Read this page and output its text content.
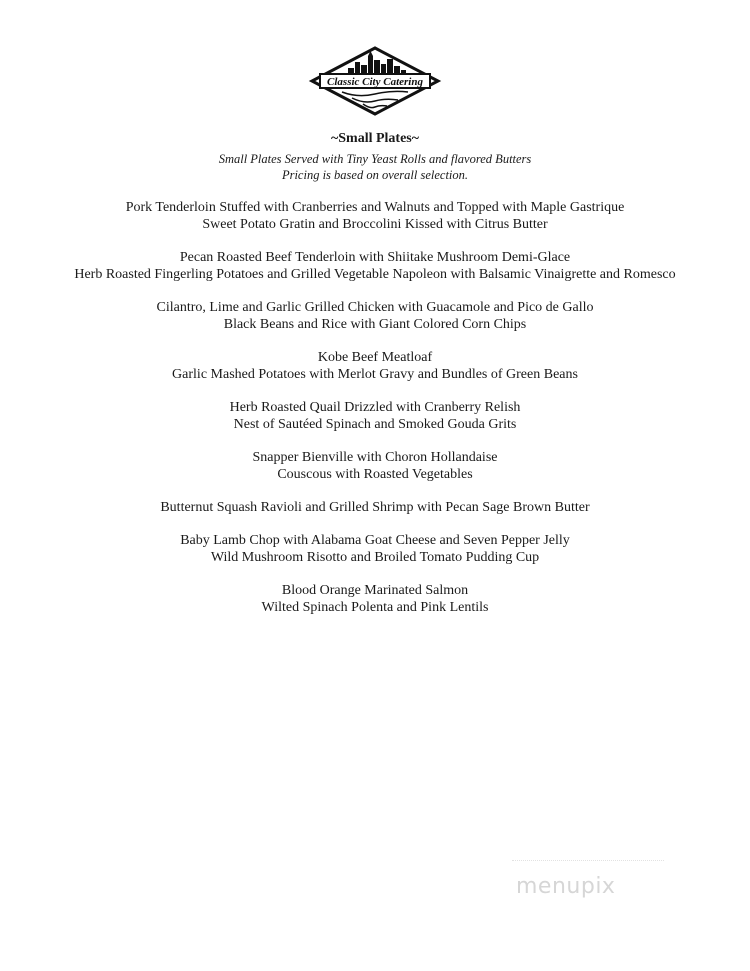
Classic City Catering
~Small Plates~
Small Plates Served with Tiny Yeast Rolls and flavored Butters
Pricing is based on overall selection.
Pork Tenderloin Stuffed with Cranberries and Walnuts and Topped with Maple Gastrique
Sweet Potato Gratin and Broccolini Kissed with Citrus Butter
Pecan Roasted Beef Tenderloin with Shiitake Mushroom Demi-Glace
Herb Roasted Fingerling Potatoes and Grilled Vegetable Napoleon with Balsamic Vinaigrette and Romesco
Cilantro, Lime and Garlic Grilled Chicken with Guacamole and Pico de Gallo
Black Beans and Rice with Giant Colored Corn Chips
Kobe Beef Meatloaf
Garlic Mashed Potatoes with Merlot Gravy and Bundles of Green Beans
Herb Roasted Quail Drizzled with Cranberry Relish
Nest of Sautéed Spinach and Smoked Gouda Grits
Snapper Bienville with Choron Hollandaise
Couscous with Roasted Vegetables
Butternut Squash Ravioli and Grilled Shrimp with Pecan Sage Brown Butter
Baby Lamb Chop with Alabama Goat Cheese and Seven Pepper Jelly
Wild Mushroom Risotto and Broiled Tomato Pudding Cup
Blood Orange Marinated Salmon
Wilted Spinach Polenta and Pink Lentils
menupix
